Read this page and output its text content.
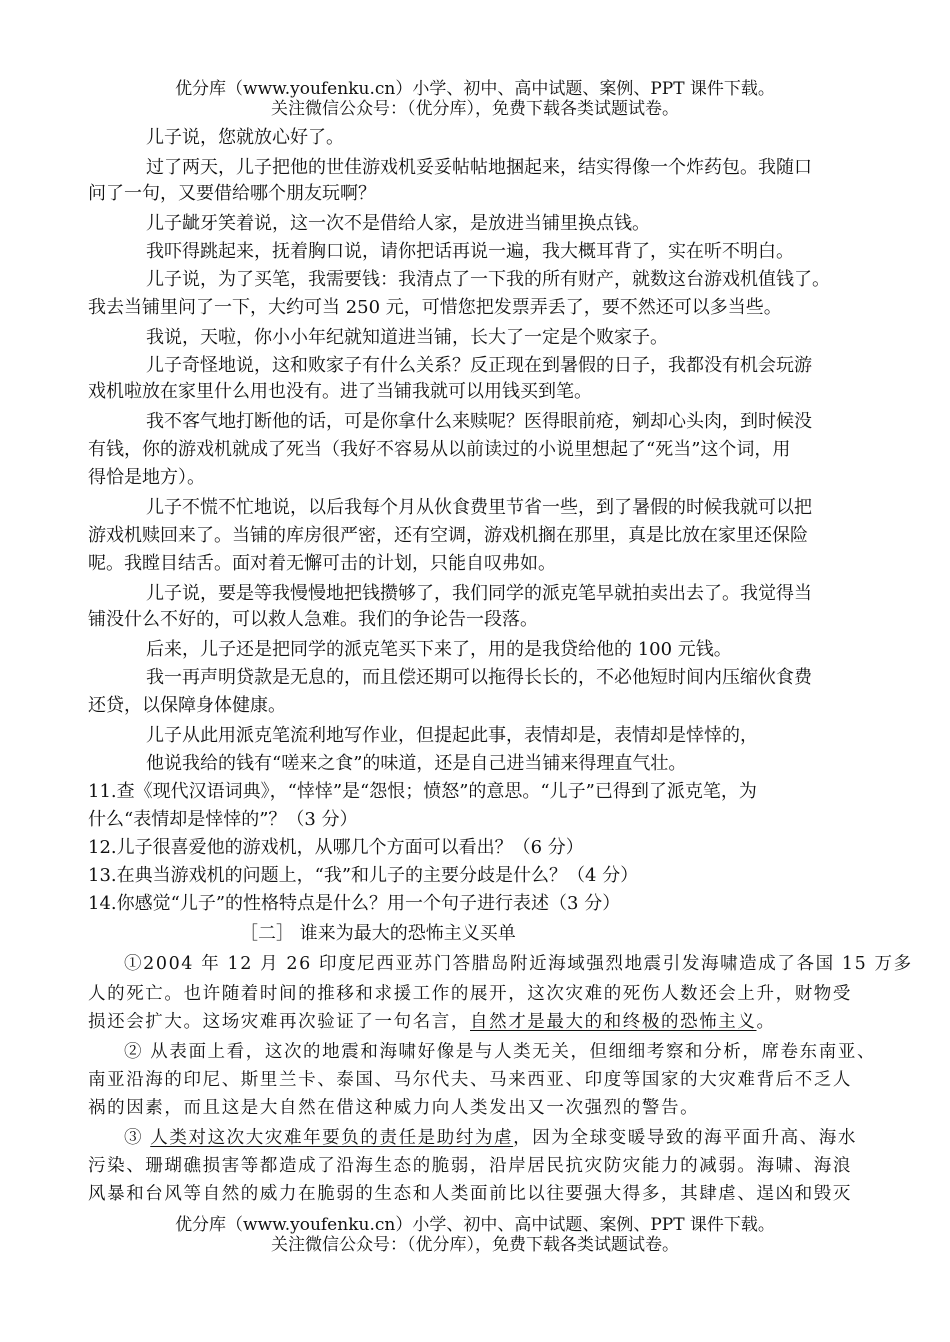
优分库（www.youfenku.cn）小学、初中、高中试题、案例、PPT 课件下载。
关注微信公众号：（优分库），免费下载各类试题试卷。
儿子说，您就放心好了。
过了两天，儿子把他的世佳游戏机妥妥帖帖地捆起来，结实得像一个炸药包。我随口
问了一句，又要借给哪个朋友玩啊？
儿子龇牙笑着说，这一次不是借给人家，是放进当铺里换点钱。
我吓得跳起来，抚着胸口说，请你把话再说一遍，我大概耳背了，实在听不明白。
儿子说，为了买笔，我需要钱：我清点了一下我的所有财产，就数这台游戏机值钱了。
我去当铺里问了一下，大约可当 250 元，可惜您把发票弄丢了，要不然还可以多当些。
我说，天啦，你小小年纪就知道进当铺，长大了一定是个败家子。
儿子奇怪地说，这和败家子有什么关系？反正现在到暑假的日子，我都没有机会玩游
戏机啦放在家里什么用也没有。进了当铺我就可以用钱买到笔。
我不客气地打断他的话，可是你拿什么来赎呢？医得眼前疮，剜却心头肉，到时候没
有钱，你的游戏机就成了死当（我好不容易从以前读过的小说里想起了“死当”这个词，用
得恰是地方）。
儿子不慌不忙地说，以后我每个月从伙食费里节省一些，到了暑假的时候我就可以把
游戏机赎回来了。当铺的库房很严密，还有空调，游戏机搁在那里，真是比放在家里还保险
呢。我瞠目结舌。面对着无懈可击的计划，只能自叹弗如。
儿子说，要是等我慢慢地把钱攒够了，我们同学的派克笔早就拍卖出去了。我觉得当
铺没什么不好的，可以救人急难。我们的争论告一段落。
后来，儿子还是把同学的派克笔买下来了，用的是我贷给他的 100 元钱。
我一再声明贷款是无息的，而且偿还期可以拖得长长的，不必他短时间内压缩伙食费
还贷，以保障身体健康。
儿子从此用派克笔流利地写作业，但提起此事，表情却是，表情却是悻悻的，
他说我给的钱有“嗟来之食”的味道，还是自己进当铺来得理直气壮。
11.查《现代汉语词典》，“悻悻”是“怨恨；愤怒”的意思。“儿子”已得到了派克笔，为
什么“表情却是悻悻的”？（3 分）
12.儿子很喜爱他的游戏机，从哪几个方面可以看出？（6 分）
13.在典当游戏机的问题上，“我”和儿子的主要分歧是什么？（4 分）
14.你感觉“儿子”的性格特点是什么？用一个句子进行表述（3 分）
［二］ 谁来为最大的恐怖主义买单
①2004 年 12 月 26 印度尼西亚苏门答腊岛附近海域强烈地震引发海啸造成了各国 15 万多
人的死亡。也许随着时间的推移和求援工作的展开，这次灾难的死伤人数还会上升，财物受
损还会扩大。这场灾难再次验证了一句名言，自然才是最大的和终极的恐怖主义。
② 从表面上看，这次的地震和海啸好像是与人类无关，但细细考察和分析，席卷东南亚、
南亚沿海的印尼、斯里兰卡、泰国、马尔代夫、马来西亚、印度等国家的大灾难背后不乏人
祸的因素，而且这是大自然在借这种威力向人类发出又一次强烈的警告。
③ 人类对这次大灾难年要负的责任是助纣为虐，因为全球变暖导致的海平面升高、海水
污染、珊瑚礁损害等都造成了沿海生态的脆弱，沿岸居民抗灾防灾能力的减弱。海啸、海浪
风暴和台风等自然的威力在脆弱的生态和人类面前比以往要强大得多，其肆虐、逞凶和毁灭
优分库（www.youfenku.cn）小学、初中、高中试题、案例、PPT 课件下载。
关注微信公众号：（优分库），免费下载各类试题试卷。
